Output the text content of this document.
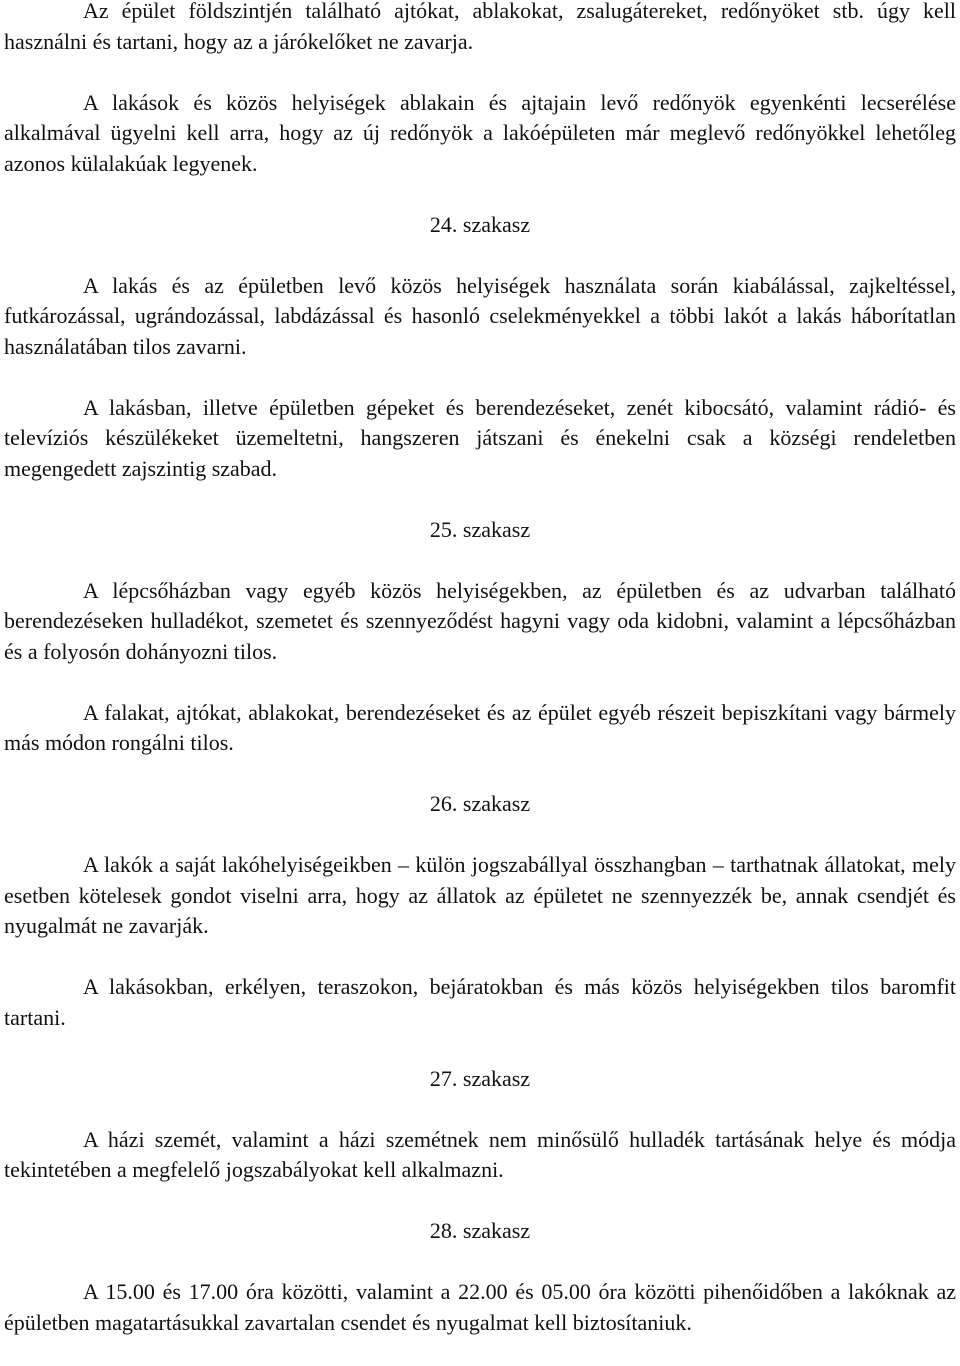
Az épület földszintjén található ajtókat, ablakokat, zsalugátereket, redőnyöket stb. úgy kell használni és tartani, hogy az a járókelőket ne zavarja.

A lakások és közös helyiségek ablakain és ajtajain levő redőnyök egyenkénti lecserélése alkalmával ügyelni kell arra, hogy az új redőnyök a lakóépületen már meglevő redőnyökkel lehetőleg azonos külalakúak legyenek.

24. szakasz

A lakás és az épületben levő közös helyiségek használata során kiabálással, zajkeltéssel, futkározással, ugrándozással, labdázással és hasonló cselekményekkel a többi lakót a lakás háborítatlan használatában tilos zavarni.

A lakásban, illetve épületben gépeket és berendezéseket, zenét kibocsátó, valamint rádió- és televíziós készülékeket üzemeltetni, hangszeren játszani és énekelni csak a községi rendeletben megengedett zajszintig szabad.

25. szakasz

A lépcsőházban vagy egyéb közös helyiségekben, az épületben és az udvarban található berendezéseken hulladékot, szemetet és szennyeződést hagyni vagy oda kidobni, valamint a lépcsőházban és a folyosón dohányozni tilos.

A falakat, ajtókat, ablakokat, berendezéseket és az épület egyéb részeit bepiszkítani vagy bármely más módon rongálni tilos.

26. szakasz

A lakók a saját lakóhelyiségeikben – külön jogszabállyal összhangban – tarthatnak állatokat, mely esetben kötelesek gondot viselni arra, hogy az állatok az épületet ne szennyezzék be, annak csendjét és nyugalmát ne zavarják.

A lakásokban, erkélyen, teraszokon, bejáratokban és más közös helyiségekben tilos baromfit tartani.

27. szakasz

A házi szemét, valamint a házi szemétnek nem minősülő hulladék tartásának helye és módja tekintetében a megfelelő jogszabályokat kell alkalmazni.

28. szakasz

A 15.00 és 17.00 óra közötti, valamint a 22.00 és 05.00 óra közötti pihenőidőben a lakóknak az épületben magatartásukkal zavartalan csendet és nyugalmat kell biztosítaniuk.
